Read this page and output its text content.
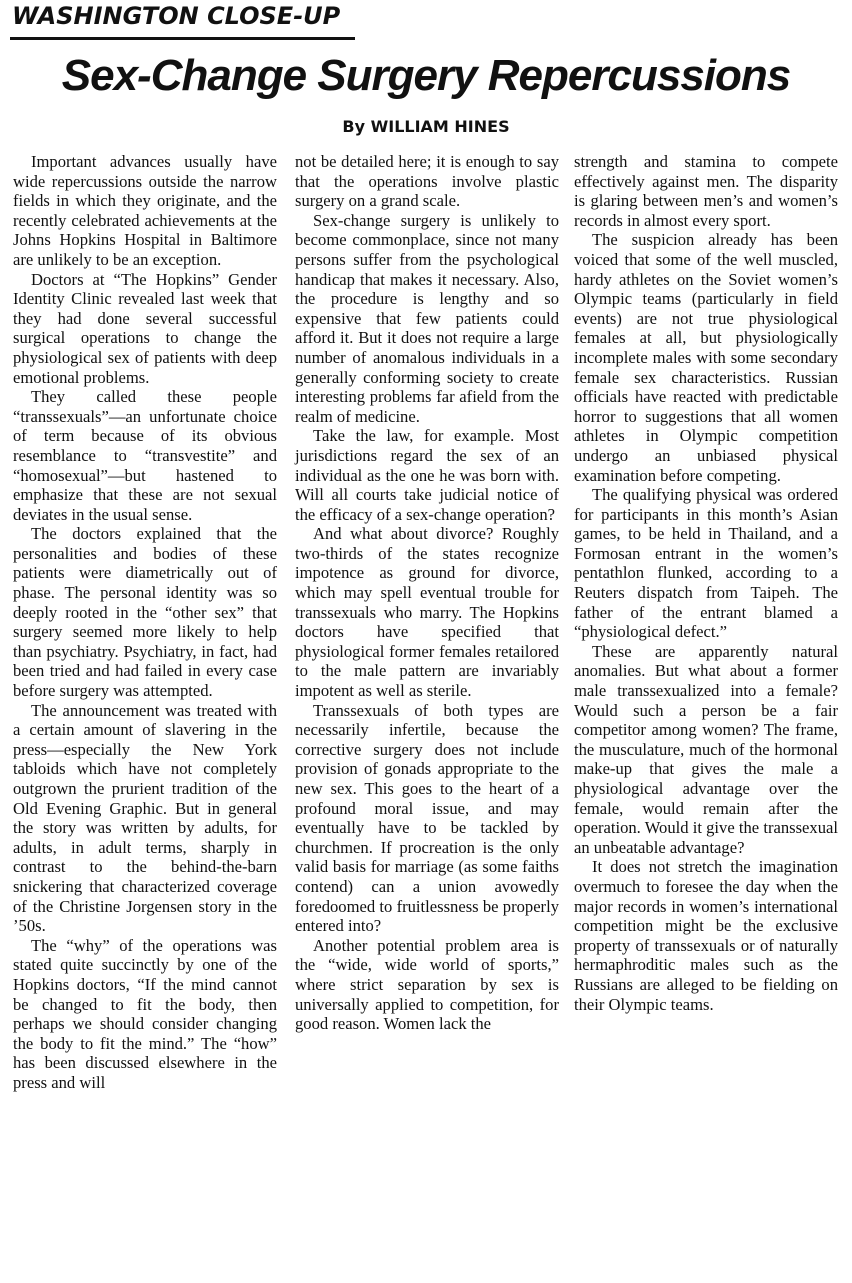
WASHINGTON CLOSE-UP
Sex-Change Surgery Repercussions
By WILLIAM HINES

Important advances usually have wide repercussions outside the narrow fields in which they originate, and the recently celebrated achievements at the Johns Hopkins Hospital in Baltimore are unlikely to be an exception.

Doctors at “The Hopkins” Gender Identity Clinic revealed last week that they had done several successful surgical operations to change the physiological sex of patients with deep emotional problems.

They called these people “transsexuals”—an unfortunate choice of term because of its obvious resemblance to “transvestite” and “homosexual”—but hastened to emphasize that these are not sexual deviates in the usual sense.

The doctors explained that the personalities and bodies of these patients were diametrically out of phase. The personal identity was so deeply rooted in the “other sex” that surgery seemed more likely to help than psychiatry. Psychiatry, in fact, had been tried and had failed in every case before surgery was attempted.

The announcement was treated with a certain amount of slavering in the press—especially the New York tabloids which have not completely outgrown the prurient tradition of the Old Evening Graphic. But in general the story was written by adults, for adults, in adult terms, sharply in contrast to the behind-the-barn snickering that characterized coverage of the Christine Jorgensen story in the ’50s.

The “why” of the operations was stated quite succinctly by one of the Hopkins doctors, “If the mind cannot be changed to fit the body, then perhaps we should consider changing the body to fit the mind.” The “how” has been discussed elsewhere in the press and will

not be detailed here; it is enough to say that the operations involve plastic surgery on a grand scale.

Sex-change surgery is unlikely to become commonplace, since not many persons suffer from the psychological handicap that makes it necessary. Also, the procedure is lengthy and so expensive that few patients could afford it. But it does not require a large number of anomalous individuals in a generally conforming society to create interesting problems far afield from the realm of medicine.

Take the law, for example. Most jurisdictions regard the sex of an individual as the one he was born with. Will all courts take judicial notice of the efficacy of a sex-change operation?

And what about divorce? Roughly two-thirds of the states recognize impotence as ground for divorce, which may spell eventual trouble for transsexuals who marry. The Hopkins doctors have specified that physiological former females retailored to the male pattern are invariably impotent as well as sterile.

Transsexuals of both types are necessarily infertile, because the corrective surgery does not include provision of gonads appropriate to the new sex. This goes to the heart of a profound moral issue, and may eventually have to be tackled by churchmen. If procreation is the only valid basis for marriage (as some faiths contend) can a union avowedly foredoomed to fruitlessness be properly entered into?

Another potential problem area is the “wide, wide world of sports,” where strict separation by sex is universally applied to competition, for good reason. Women lack the

strength and stamina to compete effectively against men. The disparity is glaring between men’s and women’s records in almost every sport.

The suspicion already has been voiced that some of the well muscled, hardy athletes on the Soviet women’s Olympic teams (particularly in field events) are not true physiological females at all, but physiologically incomplete males with some secondary female sex characteristics. Russian officials have reacted with predictable horror to suggestions that all women athletes in Olympic competition undergo an unbiased physical examination before competing.

The qualifying physical was ordered for participants in this month’s Asian games, to be held in Thailand, and a Formosan entrant in the women’s pentathlon flunked, according to a Reuters dispatch from Taipeh. The father of the entrant blamed a “physiological defect.”

These are apparently natural anomalies. But what about a former male transsexualized into a female? Would such a person be a fair competitor among women? The frame, the musculature, much of the hormonal make-up that gives the male a physiological advantage over the female, would remain after the operation. Would it give the transsexual an unbeatable advantage?

It does not stretch the imagination overmuch to foresee the day when the major records in women’s international competition might be the exclusive property of transsexuals or of naturally hermaphroditic males such as the Russians are alleged to be fielding on their Olympic teams.
